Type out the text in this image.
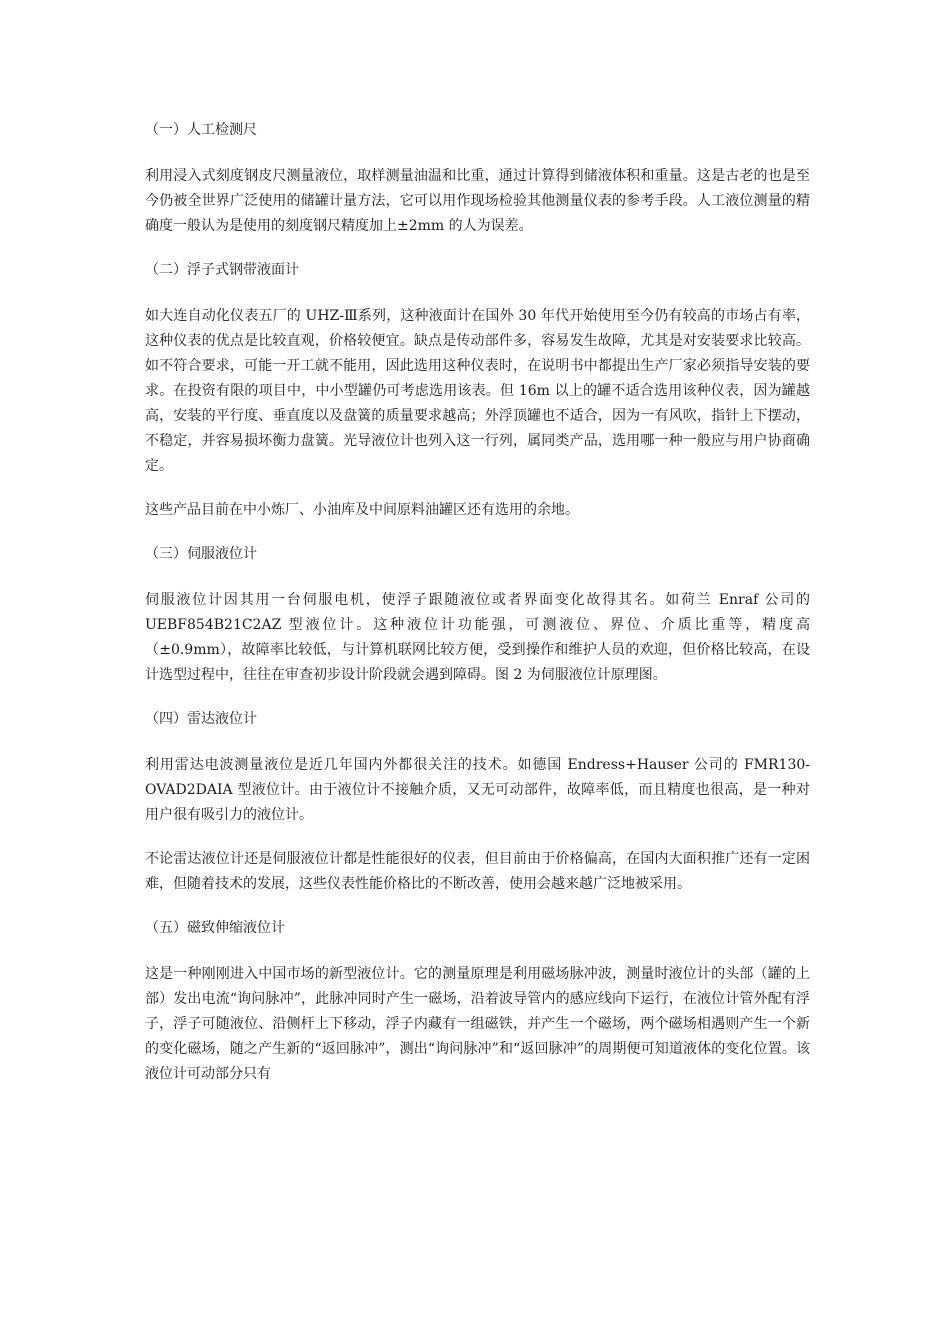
（一）人工检测尺

利用浸入式刻度钢皮尺测量液位，取样测量油温和比重，通过计算得到储液体积和重量。这是古老的也是至今仍被全世界广泛使用的储罐计量方法，它可以用作现场检验其他测量仪表的参考手段。人工液位测量的精确度一般认为是使用的刻度钢尺精度加上±2mm 的人为误差。

（二）浮子式钢带液面计

如大连自动化仪表五厂的 UHZ-Ⅲ系列，这种液面计在国外 30 年代开始使用至今仍有较高的市场占有率，这种仪表的优点是比较直观，价格较便宜。缺点是传动部件多，容易发生故障，尤其是对安装要求比较高。如不符合要求，可能一开工就不能用，因此选用这种仪表时，在说明书中都提出生产厂家必须指导安装的要求。在投资有限的项目中，中小型罐仍可考虑选用该表。但 16m 以上的罐不适合选用该种仪表，因为罐越高，安装的平行度、垂直度以及盘簧的质量要求越高；外浮顶罐也不适合，因为一有风吹，指针上下摆动，不稳定，并容易损坏衡力盘簧。光导液位计也列入这一行列，属同类产品，选用哪一种一般应与用户协商确定。

这些产品目前在中小炼厂、小油库及中间原料油罐区还有选用的余地。

（三）伺服液位计

伺服液位计因其用一台伺服电机，使浮子跟随液位或者界面变化故得其名。如荷兰 Enraf 公司的 UEBF854B21C2AZ 型液位计。这种液位计功能强，可测液位、界位、介质比重等，精度高（±0.9mm），故障率比较低，与计算机联网比较方便，受到操作和维护人员的欢迎，但价格比较高，在设计选型过程中，往往在审查初步设计阶段就会遇到障碍。图 2 为伺服液位计原理图。

（四）雷达液位计

利用雷达电波测量液位是近几年国内外都很关注的技术。如德国 Endress+Hauser 公司的 FMR130-OVAD2DAIA 型液位计。由于液位计不接触介质，又无可动部件，故障率低，而且精度也很高，是一种对用户很有吸引力的液位计。

不论雷达液位计还是伺服液位计都是性能很好的仪表，但目前由于价格偏高，在国内大面积推广还有一定困难，但随着技术的发展，这些仪表性能价格比的不断改善，使用会越来越广泛地被采用。

（五）磁致伸缩液位计

这是一种刚刚进入中国市场的新型液位计。它的测量原理是利用磁场脉冲波，测量时液位计的头部（罐的上部）发出电流“询问脉冲”，此脉冲同时产生一磁场，沿着波导管内的感应线向下运行，在液位计管外配有浮子，浮子可随液位、沿侧杆上下移动，浮子内藏有一组磁铁，并产生一个磁场，两个磁场相遇则产生一个新的变化磁场，随之产生新的“返回脉冲”，测出“询问脉冲”和“返回脉冲”的周期便可知道液体的变化位置。该液位计可动部分只有
